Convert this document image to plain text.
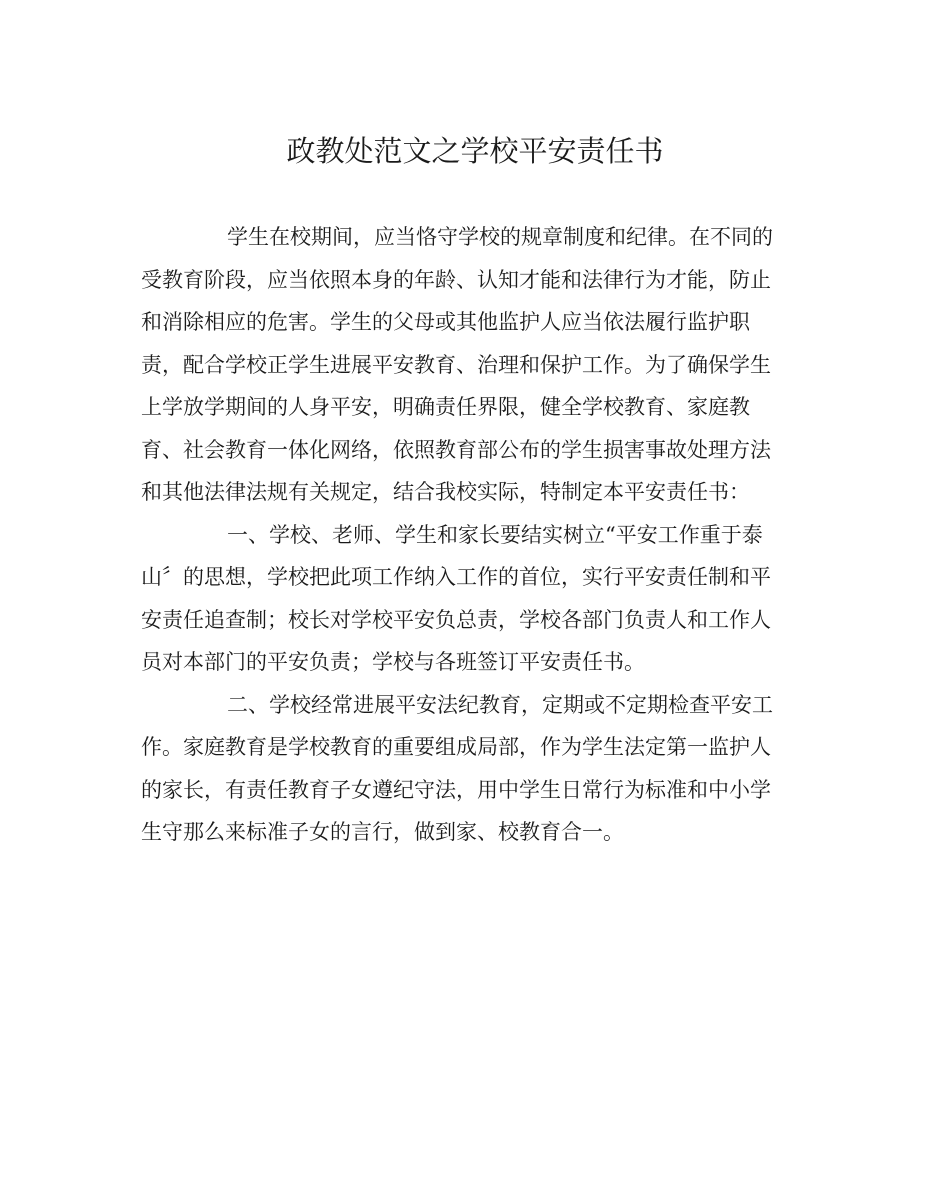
政教处范文之学校平安责任书
学生在校期间，应当恪守学校的规章制度和纪律。在不同的
受教育阶段，应当依照本身的年龄、认知才能和法律行为才能，防止
和消除相应的危害。学生的父母或其他监护人应当依法履行监护职
责，配合学校正学生进展平安教育、治理和保护工作。为了确保学生
上学放学期间的人身平安，明确责任界限，健全学校教育、家庭教
育、社会教育一体化网络，依照教育部公布的学生损害事故处理方法
和其他法律法规有关规定，结合我校实际，特制定本平安责任书：
一、学校、老师、学生和家长要结实树立“平安工作重于泰
山〞的思想，学校把此项工作纳入工作的首位，实行平安责任制和平
安责任追查制；校长对学校平安负总责，学校各部门负责人和工作人
员对本部门的平安负责；学校与各班签订平安责任书。
二、学校经常进展平安法纪教育，定期或不定期检查平安工
作。家庭教育是学校教育的重要组成局部，作为学生法定第一监护人
的家长，有责任教育子女遵纪守法，用中学生日常行为标准和中小学
生守那么来标准子女的言行，做到家、校教育合一。
